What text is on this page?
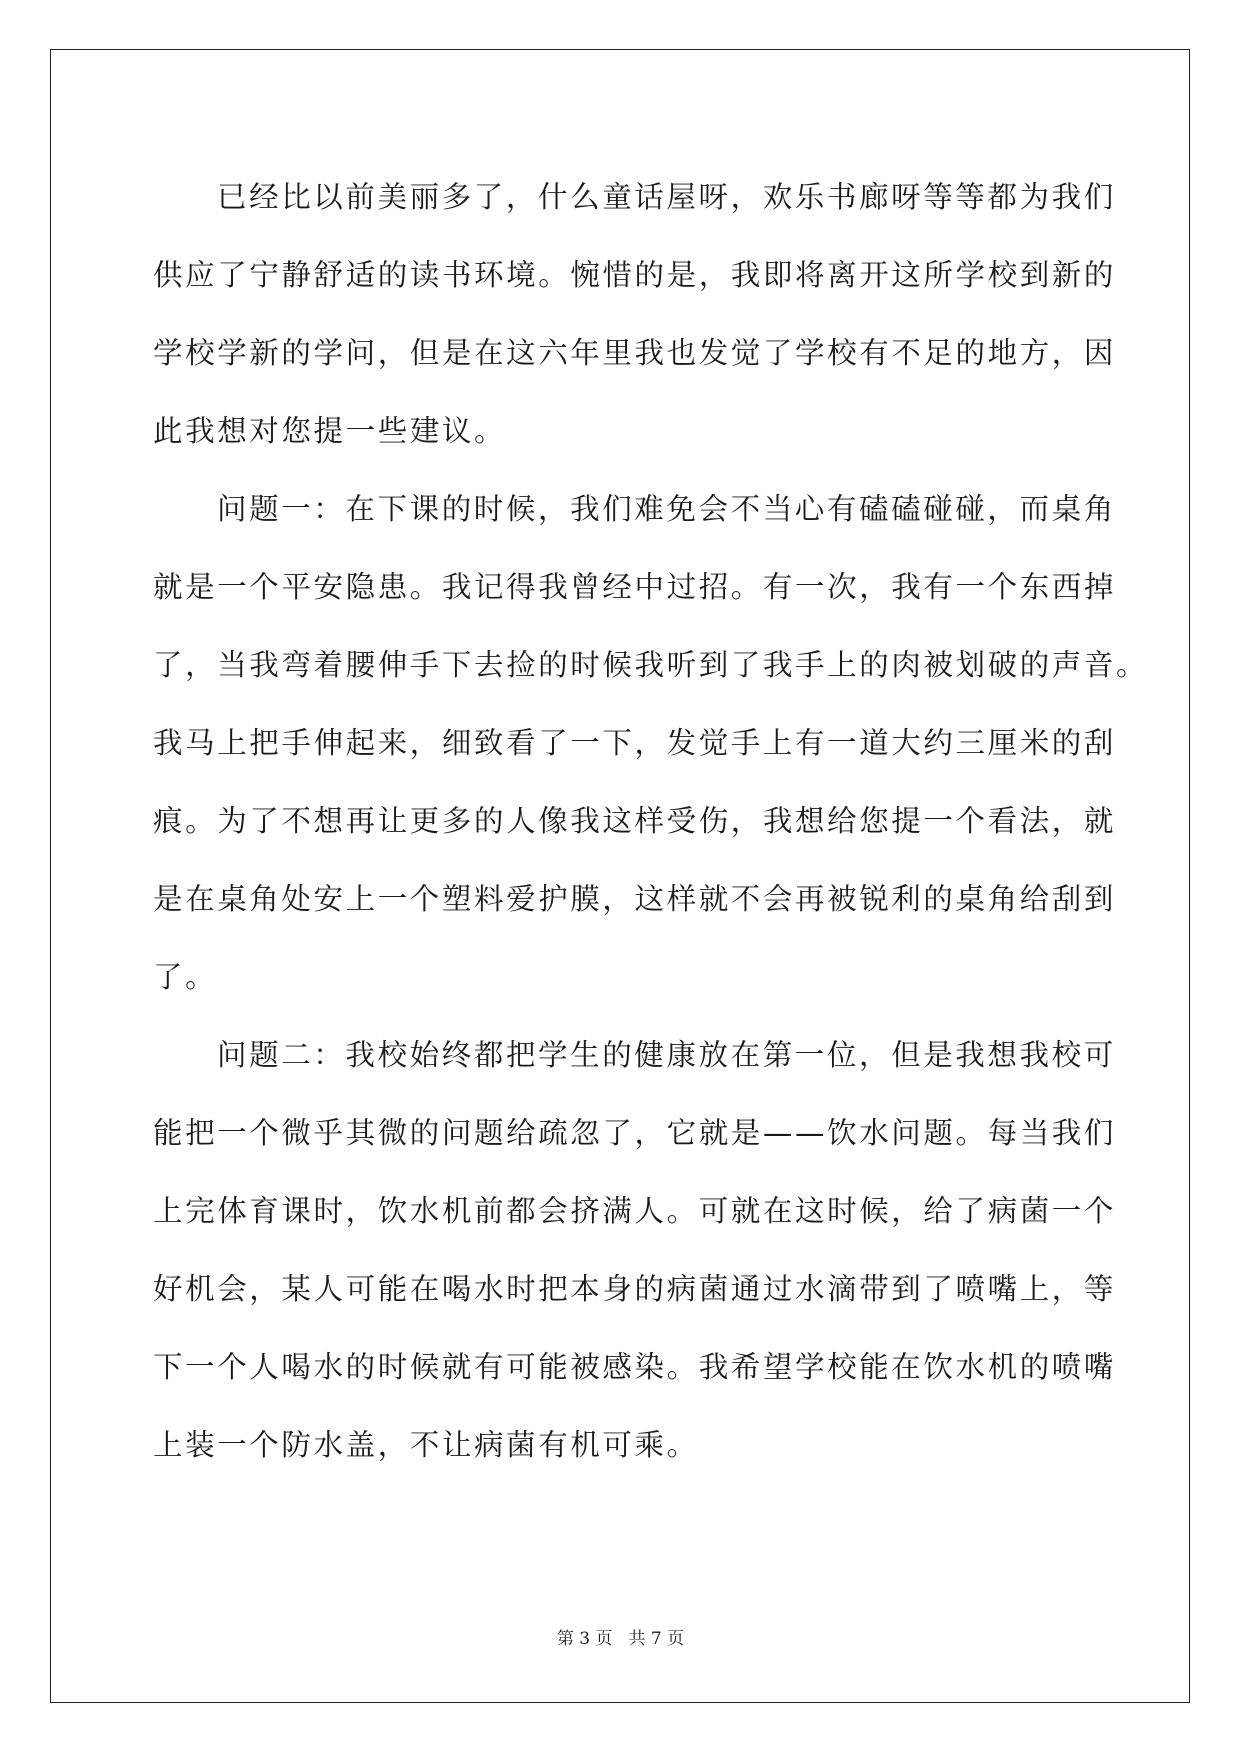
已经比以前美丽多了，什么童话屋呀，欢乐书廊呀等等都为我们
供应了宁静舒适的读书环境。惋惜的是，我即将离开这所学校到新的
学校学新的学问，但是在这六年里我也发觉了学校有不足的地方，因
此我想对您提一些建议。
问题一：在下课的时候，我们难免会不当心有磕磕碰碰，而桌角
就是一个平安隐患。我记得我曾经中过招。有一次，我有一个东西掉
了，当我弯着腰伸手下去捡的时候我听到了我手上的肉被划破的声音。
我马上把手伸起来，细致看了一下，发觉手上有一道大约三厘米的刮
痕。为了不想再让更多的人像我这样受伤，我想给您提一个看法，就
是在桌角处安上一个塑料爱护膜，这样就不会再被锐利的桌角给刮到
了。
问题二：我校始终都把学生的健康放在第一位，但是我想我校可
能把一个微乎其微的问题给疏忽了，它就是——饮水问题。每当我们
上完体育课时，饮水机前都会挤满人。可就在这时候，给了病菌一个
好机会，某人可能在喝水时把本身的病菌通过水滴带到了喷嘴上，等
下一个人喝水的时候就有可能被感染。我希望学校能在饮水机的喷嘴
上装一个防水盖，不让病菌有机可乘。
第 3 页 共 7 页
